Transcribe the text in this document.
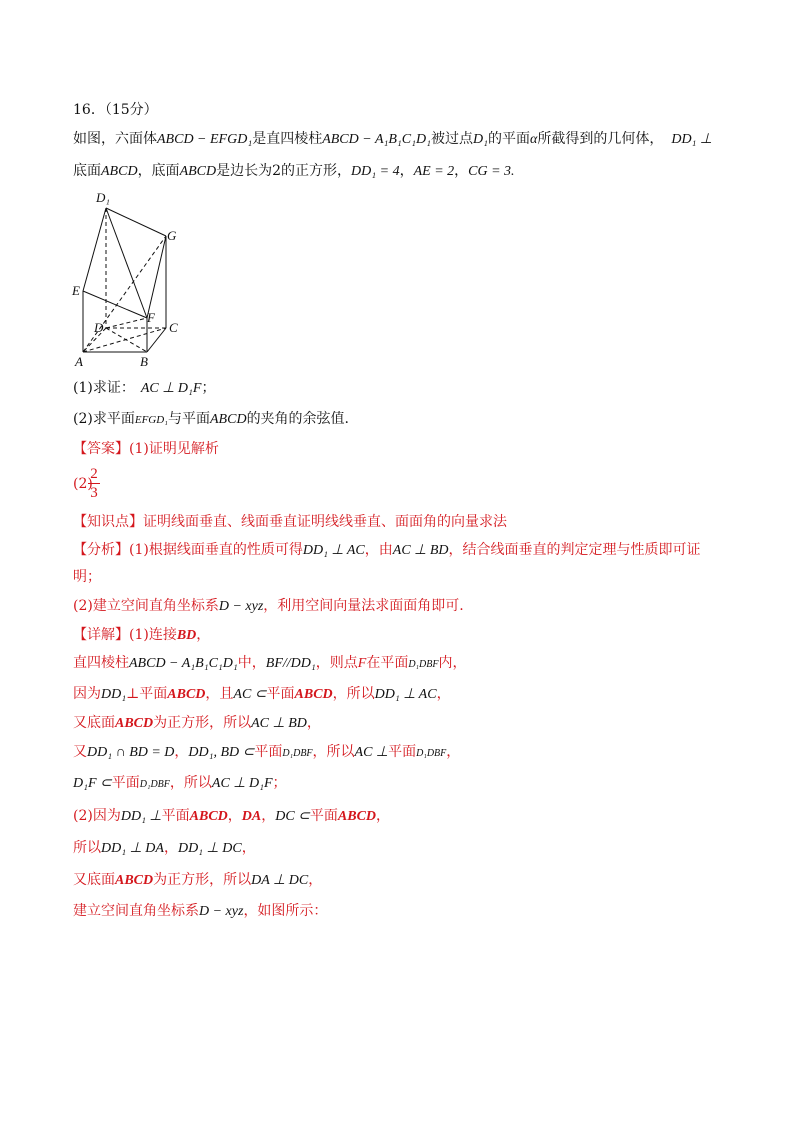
16．（15分）
如图，六面体ABCD − EFGD₁是直四棱柱ABCD − A₁B₁C₁D₁被过点D₁的平面α所截得到的几何体， DD₁ ⊥
底面ABCD，底面ABCD是边长为2的正方形，DD₁ = 4，AE = 2，CG = 3.
D₁
G
E
F
D	C
A	B
(1)求证： AC ⊥ D₁F；
(2)求平面EFGD₁与平面ABCD的夹角的余弦值.
【答案】(1)证明见解析
(2)
2
3
【知识点】证明线面垂直、线面垂直证明线线垂直、面面角的向量求法
【分析】(1)根据线面垂直的性质可得DD₁ ⊥ AC，由AC ⊥ BD，结合线面垂直的判定定理与性质即可证
明；
(2)建立空间直角坐标系D − xyz，利用空间向量法求面面角即可.
【详解】(1)连接BD，
直四棱柱ABCD − A₁B₁C₁D₁中，BF//DD₁，则点F在平面D₁DBF内，
因为DD₁⊥平面ABCD，且AC ⊂平面ABCD，所以DD₁ ⊥ AC，
又底面ABCD为正方形，所以AC ⊥ BD，
又DD₁ ∩ BD = D，DD₁, BD ⊂平面D₁DBF，所以AC ⊥平面D₁DBF，
D₁F ⊂平面D₁DBF，所以AC ⊥ D₁F；
(2)因为DD₁ ⊥平面ABCD，DA，DC ⊂平面ABCD，
所以DD₁ ⊥ DA，DD₁ ⊥ DC，
又底面ABCD为正方形，所以DA ⊥ DC，
建立空间直角坐标系D − xyz，如图所示：
